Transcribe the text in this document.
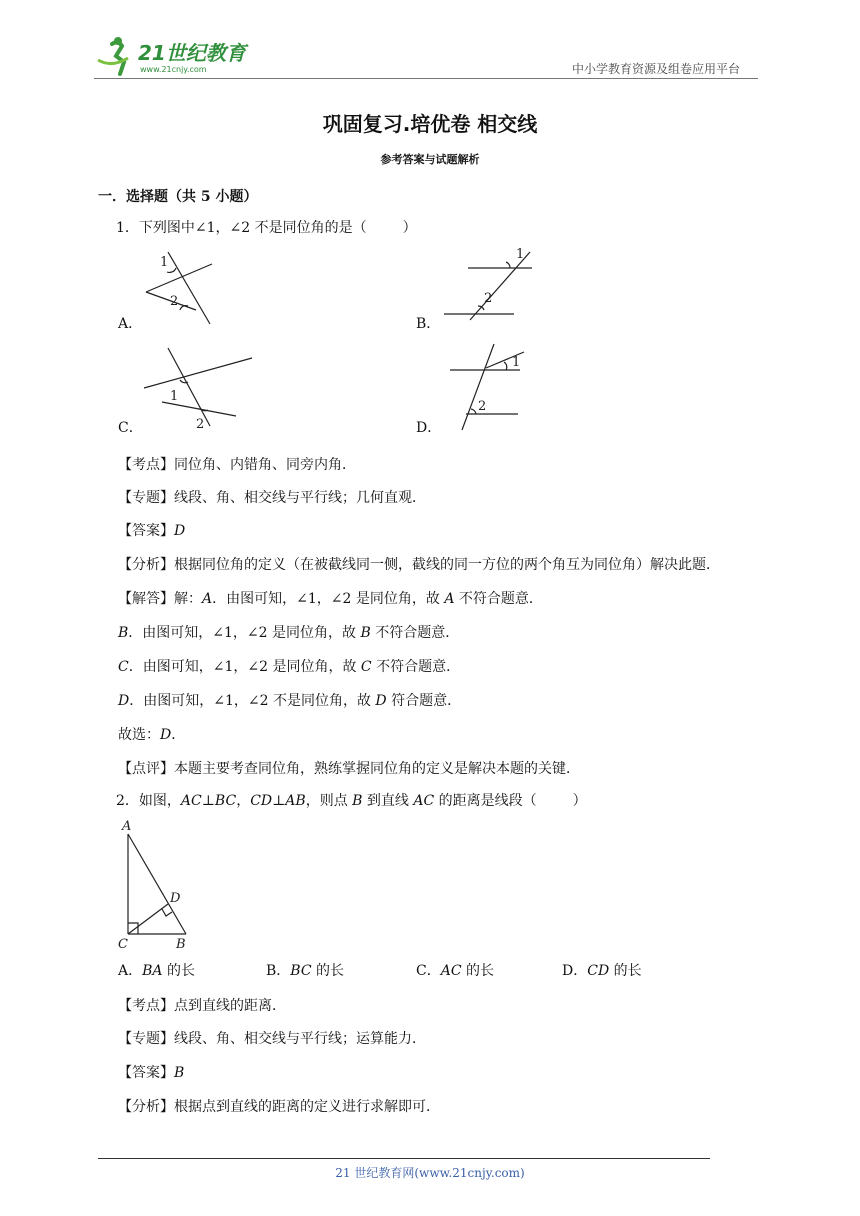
21世纪教育
www.21cnjy.com	中小学教育资源及组卷应用平台
巩固复习.培优卷 相交线
参考答案与试题解析
一．选择题（共 5 小题）
1．下列图中∠1，∠2 不是同位角的是（	）
1
2
A．
1
2
B．
1
2
C．
1
2
D．
【考点】同位角、内错角、同旁内角．
【专题】线段、角、相交线与平行线；几何直观．
【答案】D
【分析】根据同位角的定义（在被截线同一侧，截线的同一方位的两个角互为同位角）解决此题．
【解答】解：A．由图可知，∠1，∠2 是同位角，故 A 不符合题意．
B．由图可知，∠1，∠2 是同位角，故 B 不符合题意．
C．由图可知，∠1，∠2 是同位角，故 C 不符合题意．
D．由图可知，∠1，∠2 不是同位角，故 D 符合题意．
故选：D．
【点评】本题主要考查同位角，熟练掌握同位角的定义是解决本题的关键．
2．如图，AC⊥BC，CD⊥AB，则点 B 到直线 AC 的距离是线段（	）
A
D
C	B
A．BA 的长	B．BC 的长	C．AC 的长	D．CD 的长
【考点】点到直线的距离．
【专题】线段、角、相交线与平行线；运算能力．
【答案】B
【分析】根据点到直线的距离的定义进行求解即可．
21 世纪教育网(www.21cnjy.com)
